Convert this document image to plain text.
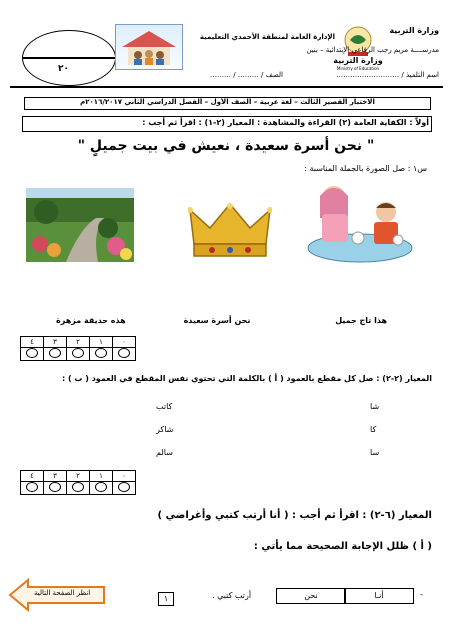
٢٠
وزارة التربية
Ministry of Education
وزارة التربية
الإدارة العامة لمنطقة الأحمدي التعليمية
مدرســــة مريم رجب الرفاعي الإبتدائية – بنين
اسم التلميذ / ………………………
الصف / ……… / ………
الاختبار القصير الثالث – لغة عربية – الصف الأول – الفصل الدراسي الثاني ٢٠١٦/٢٠١٧م
أولاً : الكفاية العامة (٢) القراءة والمشاهدة : المعيار (٢-١) : اقرأ ثم أجب :
" نحن أسرة سعيدة ، نعيش في بيت جميلٍ "
س١ : صل الصورة بالجملة المناسبة :
هذا تاج جميل
نحن أسرة سعيدة
هذه حديقة مزهرة
٤	٣	٢	١	٠

المعيار (٢-٢) : صل كل مقطع بالعمود ( أ ) بالكلمة التي تحتوي نفس المقطع في العمود ( ب ) :
شا
كا
سا
كاتب
شاكر
سالم
٤	٣	٢	١	٠

المعيار (٦-٢) : اقرأ ثم أجب : ( أنا أرتب كتبي وأغراضي )
( أ ) ظلل الإجابة الصحيحة مما يأتي :
أنـا
نحن	-
أرتب كتبي .
١
انظر الصفحة التالية
